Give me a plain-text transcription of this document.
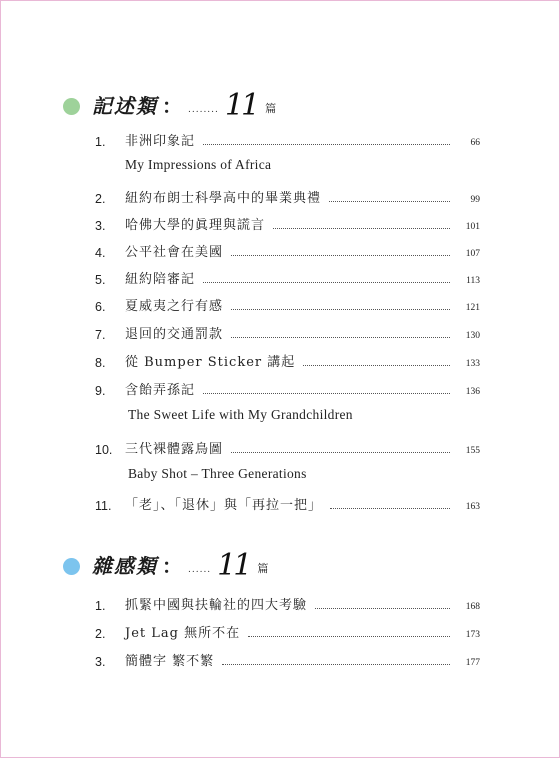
記述類 ： ........ 11 篇
1.	非洲印象記	66
My Impressions of Africa
2.	紐約布朗士科學高中的畢業典禮	99
3.	哈佛大學的眞理與謊言	101
4.	公平社會在美國	107
5.	紐約陪審記	113
6.	夏威夷之行有感	121
7.	退回的交通罰款	130
8.	從 Bumper Sticker 講起	133
9.	含飴弄孫記	136
The Sweet Life with My Grandchildren
10. 三代裸體露鳥圖	155
Baby Shot – Three Generations
11.	「老」、「退休」與「再拉一把」	163
雜感類 ： ...... 11 篇
1.	抓緊中國與扶輪社的四大考驗	168
2.	Jet Lag 無所不在	173
3.	簡體字 繁不繁	177
